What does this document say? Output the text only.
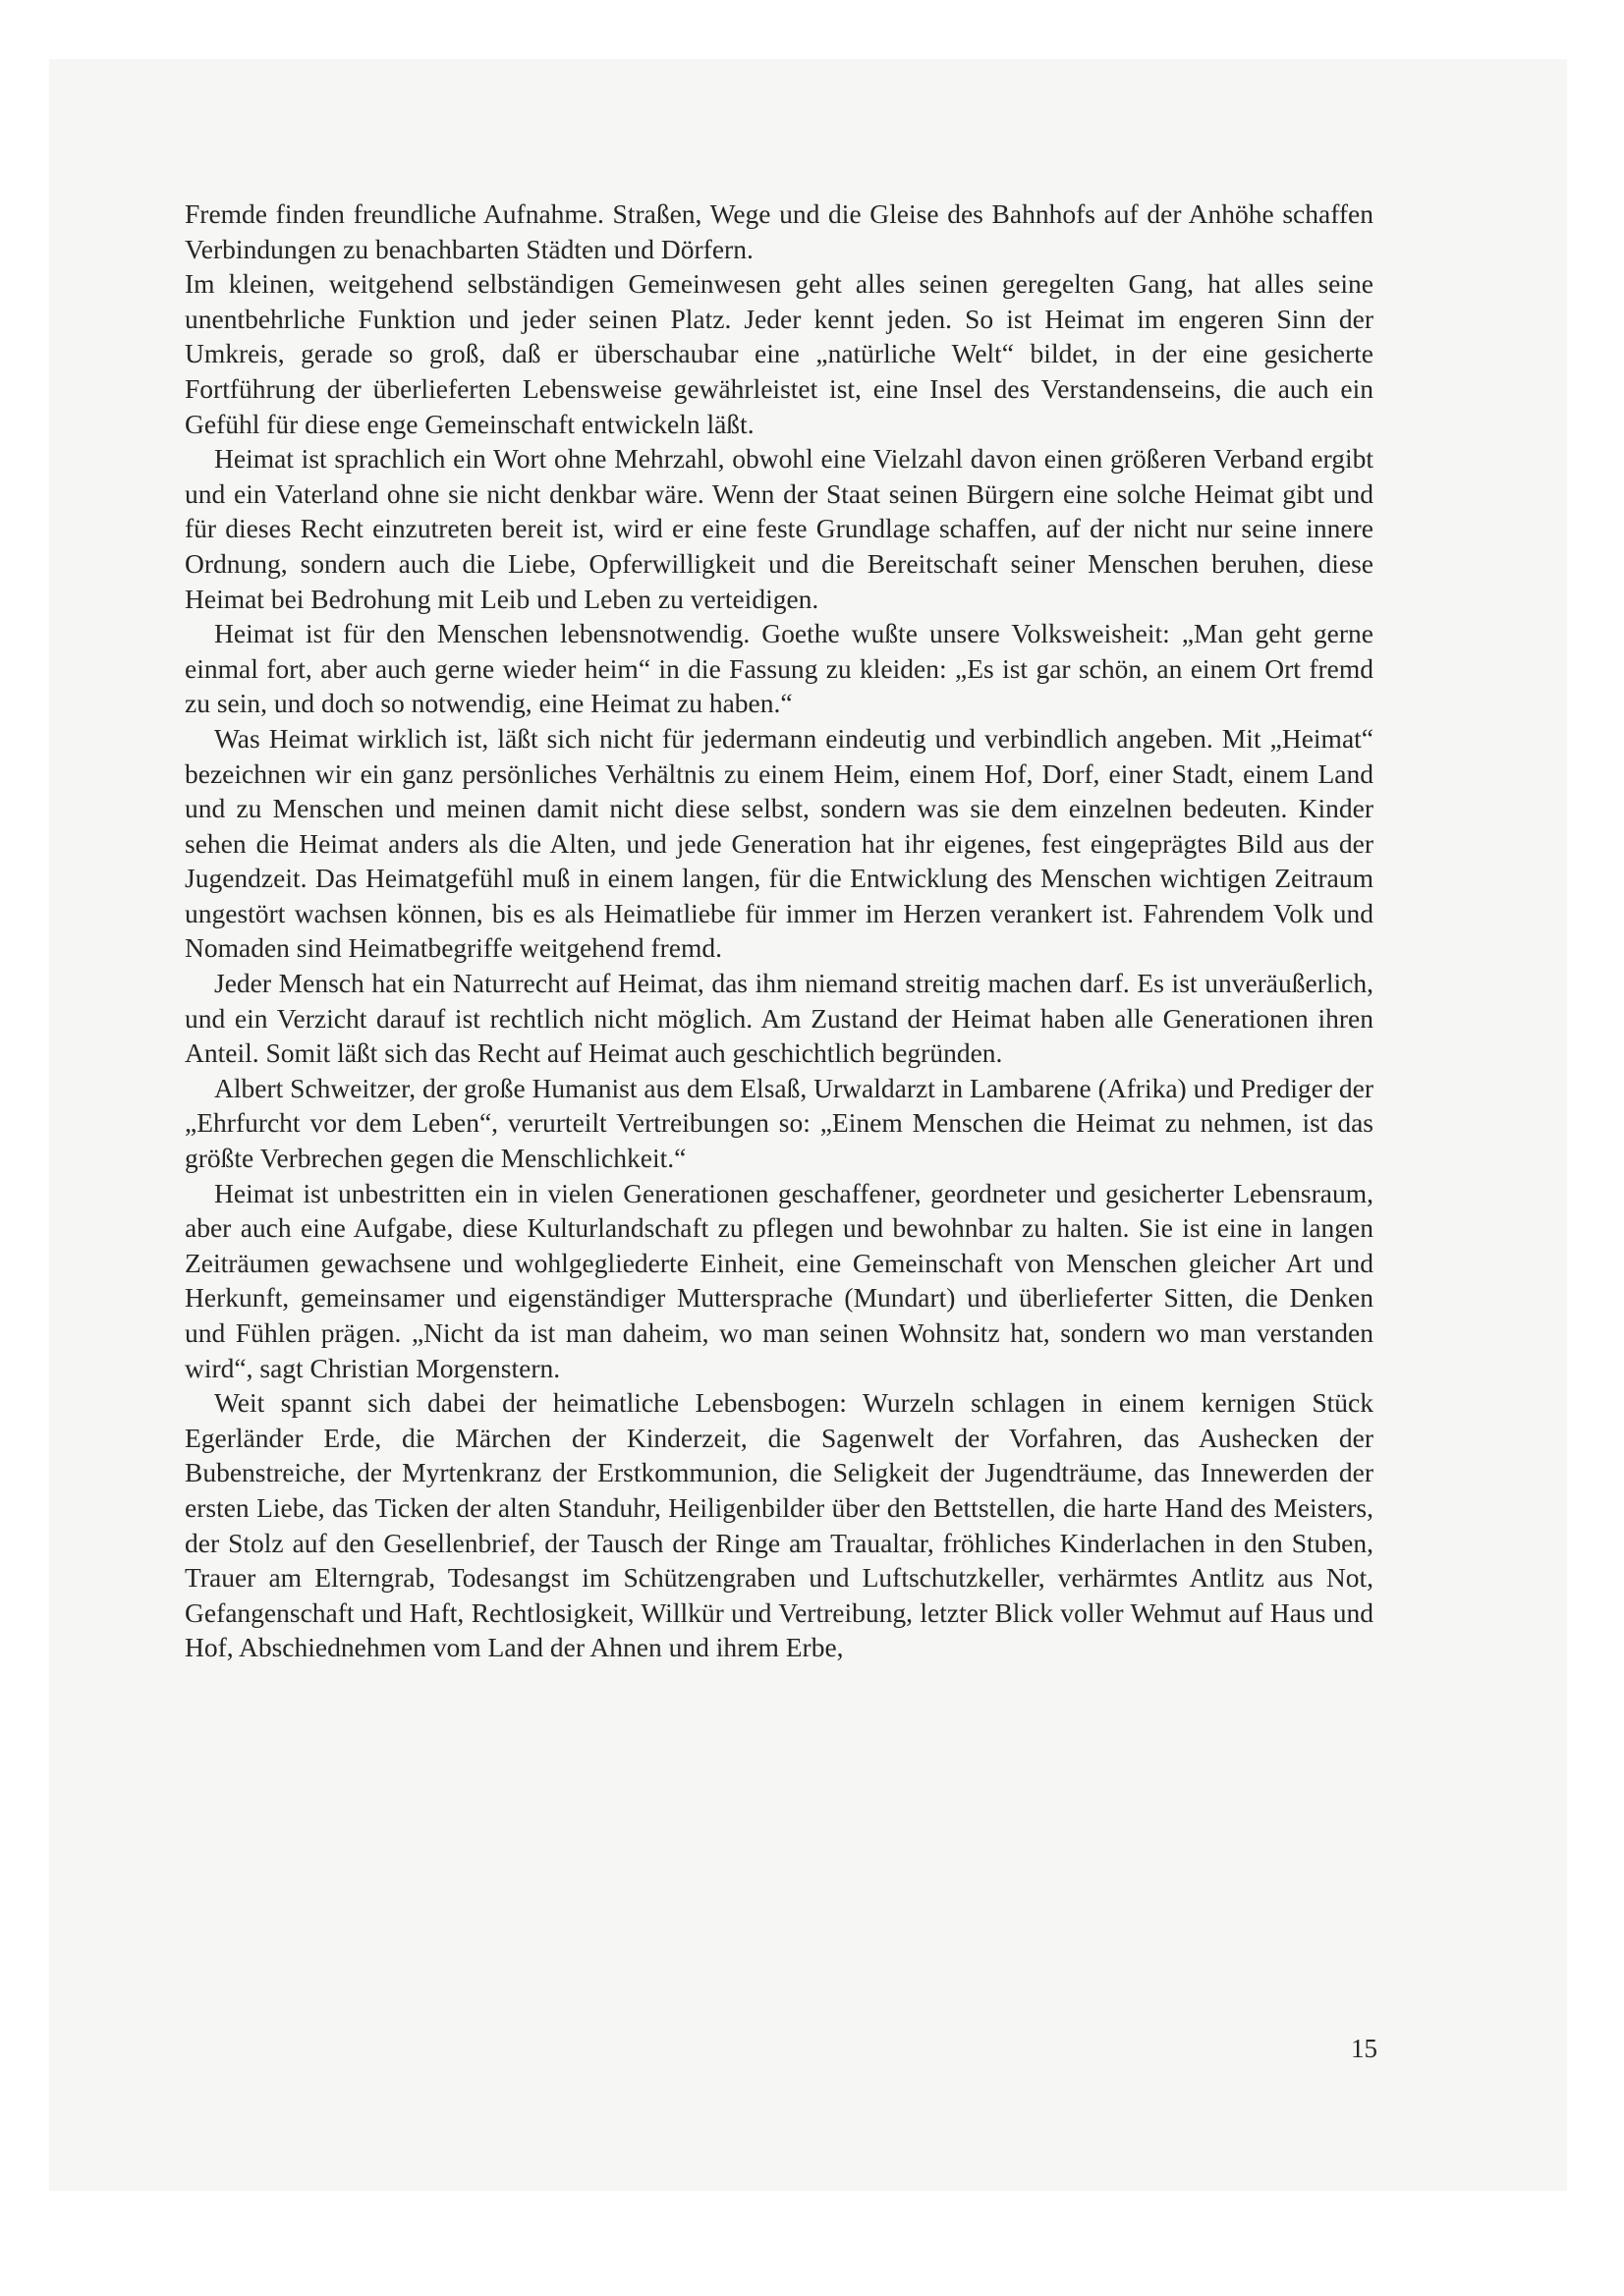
Fremde finden freundliche Aufnahme. Straßen, Wege und die Gleise des Bahnhofs auf der Anhöhe schaffen Verbindungen zu benachbarten Städten und Dörfern.

Im kleinen, weitgehend selbständigen Gemeinwesen geht alles seinen geregelten Gang, hat alles seine unentbehrliche Funktion und jeder seinen Platz. Jeder kennt jeden. So ist Heimat im engeren Sinn der Umkreis, gerade so groß, daß er überschaubar eine „natürliche Welt“ bildet, in der eine gesicherte Fortführung der überlieferten Lebensweise gewährleistet ist, eine Insel des Verstandenseins, die auch ein Gefühl für diese enge Gemeinschaft entwickeln läßt.

Heimat ist sprachlich ein Wort ohne Mehrzahl, obwohl eine Vielzahl davon einen größeren Verband ergibt und ein Vaterland ohne sie nicht denkbar wäre. Wenn der Staat seinen Bürgern eine solche Heimat gibt und für dieses Recht einzutreten bereit ist, wird er eine feste Grundlage schaffen, auf der nicht nur seine innere Ordnung, sondern auch die Liebe, Opferwilligkeit und die Bereitschaft seiner Menschen beruhen, diese Heimat bei Bedrohung mit Leib und Leben zu verteidigen.

Heimat ist für den Menschen lebensnotwendig. Goethe wußte unsere Volksweisheit: „Man geht gerne einmal fort, aber auch gerne wieder heim“ in die Fassung zu kleiden: „Es ist gar schön, an einem Ort fremd zu sein, und doch so notwendig, eine Heimat zu haben.“

Was Heimat wirklich ist, läßt sich nicht für jedermann eindeutig und verbindlich angeben. Mit „Heimat“ bezeichnen wir ein ganz persönliches Verhältnis zu einem Heim, einem Hof, Dorf, einer Stadt, einem Land und zu Menschen und meinen damit nicht diese selbst, sondern was sie dem einzelnen bedeuten. Kinder sehen die Heimat anders als die Alten, und jede Generation hat ihr eigenes, fest eingeprägtes Bild aus der Jugendzeit. Das Heimatgefühl muß in einem langen, für die Entwicklung des Menschen wichtigen Zeitraum ungestört wachsen können, bis es als Heimatliebe für immer im Herzen verankert ist. Fahrendem Volk und Nomaden sind Heimatbegriffe weitgehend fremd.

Jeder Mensch hat ein Naturrecht auf Heimat, das ihm niemand streitig machen darf. Es ist unveräußerlich, und ein Verzicht darauf ist rechtlich nicht möglich. Am Zustand der Heimat haben alle Generationen ihren Anteil. Somit läßt sich das Recht auf Heimat auch geschichtlich begründen.

Albert Schweitzer, der große Humanist aus dem Elsaß, Urwaldarzt in Lambarene (Afrika) und Prediger der „Ehrfurcht vor dem Leben“, verurteilt Vertreibungen so: „Einem Menschen die Heimat zu nehmen, ist das größte Verbrechen gegen die Menschlichkeit.“

Heimat ist unbestritten ein in vielen Generationen geschaffener, geordneter und gesicherter Lebensraum, aber auch eine Aufgabe, diese Kulturlandschaft zu pflegen und bewohnbar zu halten. Sie ist eine in langen Zeiträumen gewachsene und wohlgegliederte Einheit, eine Gemeinschaft von Menschen gleicher Art und Herkunft, gemeinsamer und eigenständiger Muttersprache (Mundart) und überlieferter Sitten, die Denken und Fühlen prägen. „Nicht da ist man daheim, wo man seinen Wohnsitz hat, sondern wo man verstanden wird“, sagt Christian Morgenstern.

Weit spannt sich dabei der heimatliche Lebensbogen: Wurzeln schlagen in einem kernigen Stück Egerländer Erde, die Märchen der Kinderzeit, die Sagenwelt der Vorfahren, das Aushecken der Bubenstreiche, der Myrtenkranz der Erstkommunion, die Seligkeit der Jugendträume, das Innewerden der ersten Liebe, das Ticken der alten Standuhr, Heiligenbilder über den Bettstellen, die harte Hand des Meisters, der Stolz auf den Gesellenbrief, der Tausch der Ringe am Traualtar, fröhliches Kinderlachen in den Stuben, Trauer am Elterngrab, Todesangst im Schützengraben und Luftschutzkeller, verhärmtes Antlitz aus Not, Gefangenschaft und Haft, Rechtlosigkeit, Willkür und Vertreibung, letzter Blick voller Wehmut auf Haus und Hof, Abschiednehmen vom Land der Ahnen und ihrem Erbe,

15
